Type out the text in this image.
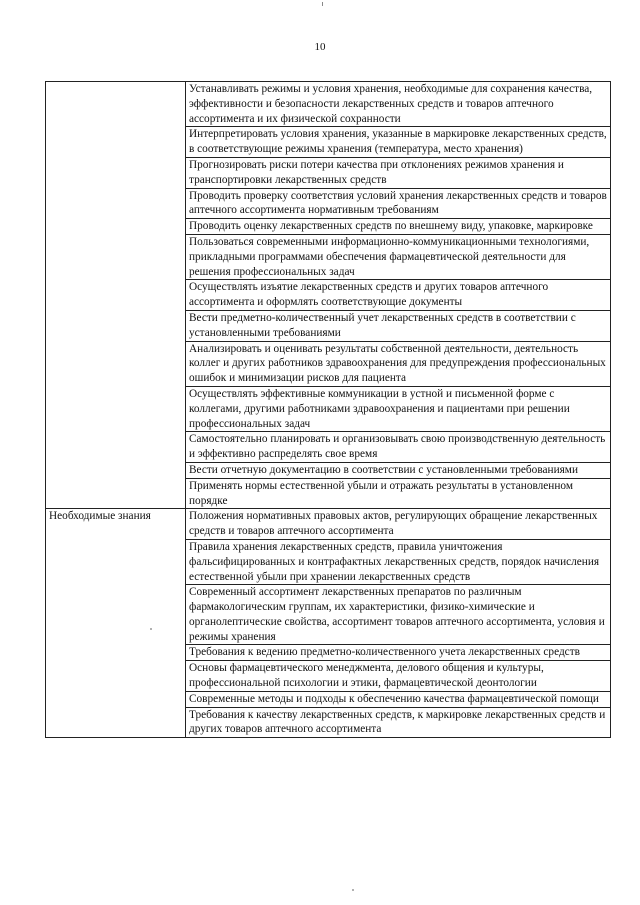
10
	Устанавливать режимы и условия хранения, необходимые для сохранения качества, эффективности и безопасности лекарственных средств и товаров аптечного ассортимента и их физической сохранности
	Интерпретировать условия хранения, указанные в маркировке лекарственных средств, в соответствующие режимы хранения (температура, место хранения)
	Прогнозировать риски потери качества при отклонениях режимов хранения и транспортировки лекарственных средств
	Проводить проверку соответствия условий хранения лекарственных средств и товаров аптечного ассортимента нормативным требованиям
	Проводить оценку лекарственных средств по внешнему виду, упаковке, маркировке
	Пользоваться современными информационно-коммуникационными технологиями, прикладными программами обеспечения фармацевтической деятельности для решения профессиональных задач
	Осуществлять изъятие лекарственных средств и других товаров аптечного ассортимента и оформлять соответствующие документы
	Вести предметно-количественный учет лекарственных средств в соответствии с установленными требованиями
	Анализировать и оценивать результаты собственной деятельности, деятельность коллег и других работников здравоохранения для предупреждения профессиональных ошибок и минимизации рисков для пациента
	Осуществлять эффективные коммуникации в устной и письменной форме с коллегами, другими работниками здравоохранения и пациентами при решении профессиональных задач
	Самостоятельно планировать и организовывать свою производственную деятельность и эффективно распределять свое время
	Вести отчетную документацию в соответствии с установленными требованиями
	Применять нормы естественной убыли и отражать результаты в установленном порядке
Необходимые знания	Положения нормативных правовых актов, регулирующих обращение лекарственных средств и товаров аптечного ассортимента
	Правила хранения лекарственных средств, правила уничтожения фальсифицированных и контрафактных лекарственных средств, порядок начисления естественной убыли при хранении лекарственных средств
	Современный ассортимент лекарственных препаратов по различным фармакологическим группам, их характеристики, физико-химические и органолептические свойства, ассортимент товаров аптечного ассортимента, условия и режимы хранения
	Требования к ведению предметно-количественного учета лекарственных средств
	Основы фармацевтического менеджмента, делового общения и культуры, профессиональной психологии и этики, фармацевтической деонтологии
	Современные методы и подходы к обеспечению качества фармацевтической помощи
	Требования к качеству лекарственных средств, к маркировке лекарственных средств и других товаров аптечного ассортимента
